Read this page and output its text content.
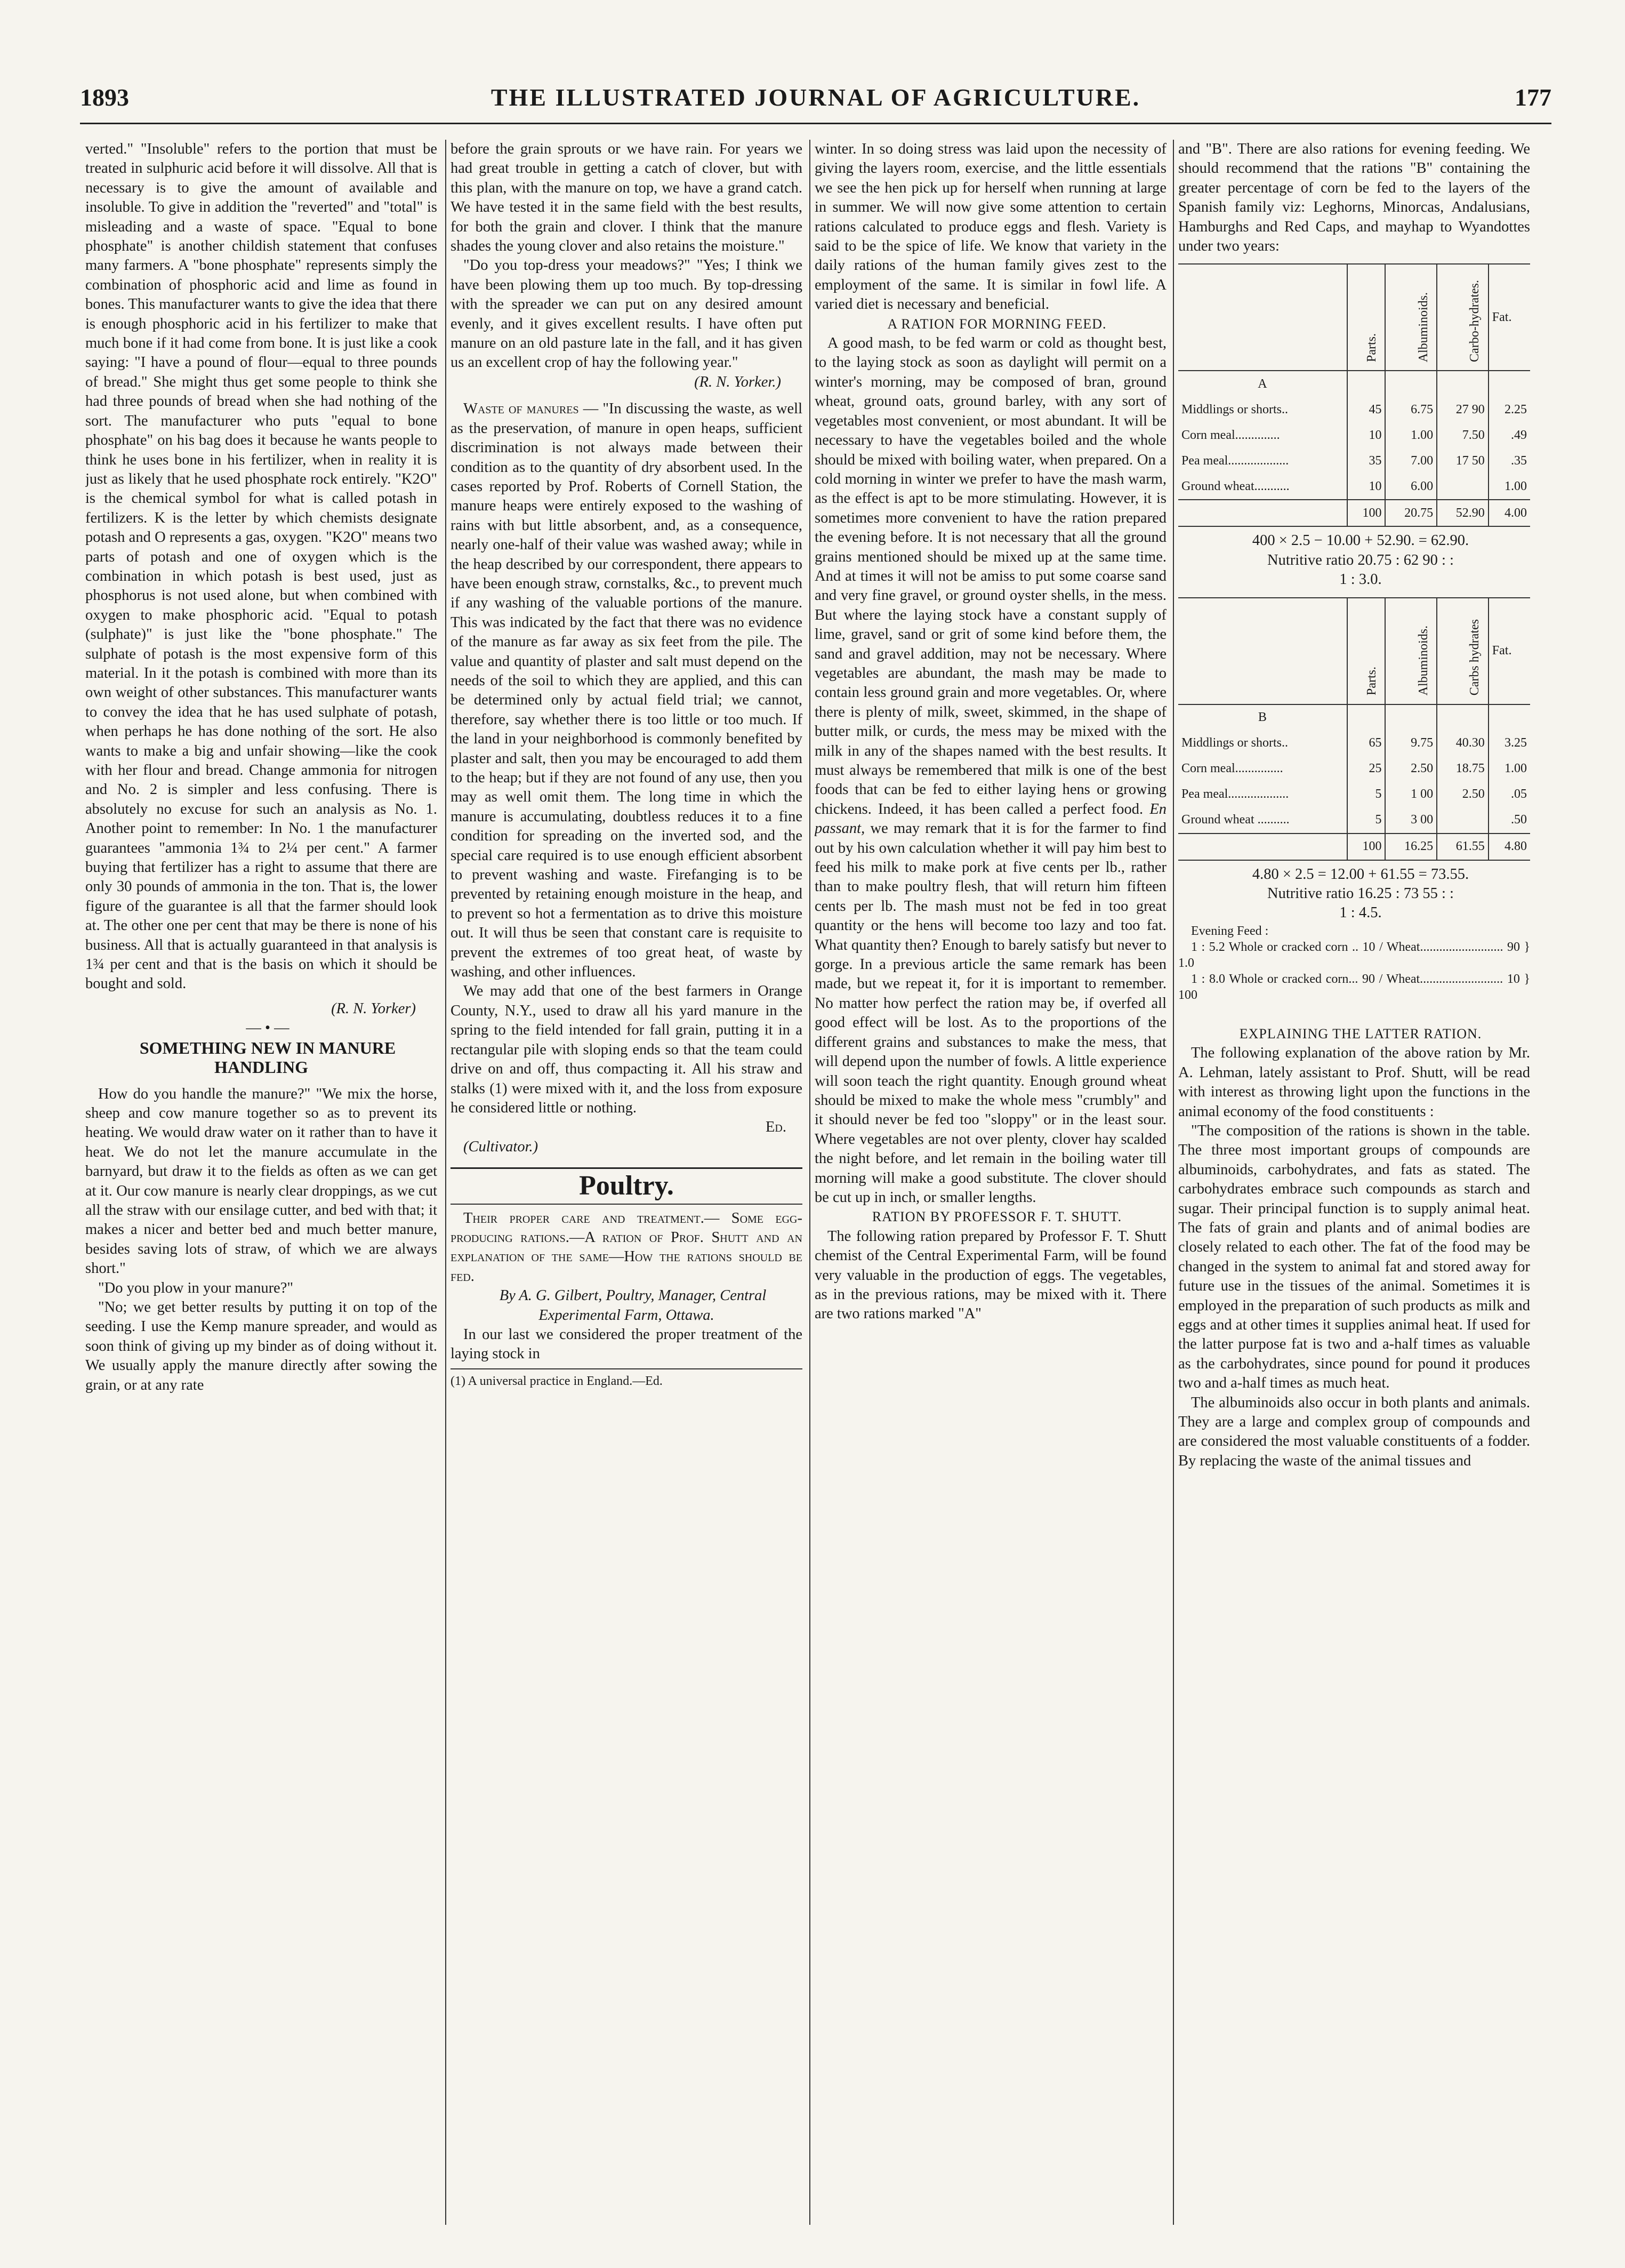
1893	THE ILLUSTRATED JOURNAL OF AGRICULTURE.	177

verted." "Insoluble" refers to the portion that must be treated in sulphuric acid before it will dissolve. All that is necessary is to give the amount of available and insoluble. To give in addition the "reverted" and "total" is misleading and a waste of space. "Equal to bone phosphate" is another childish statement that confuses many farmers. A "bone phosphate" represents simply the combination of phosphoric acid and lime as found in bones. This manufacturer wants to give the idea that there is enough phosphoric acid in his fertilizer to make that much bone if it had come from bone. It is just like a cook saying: "I have a pound of flour—equal to three pounds of bread." She might thus get some people to think she had three pounds of bread when she had nothing of the sort. The manufacturer who puts "equal to bone phosphate" on his bag does it because he wants people to think he uses bone in his fertilizer, when in reality it is just as likely that he used phosphate rock entirely. "K2O" is the chemical symbol for what is called potash in fertilizers. K is the letter by which chemists designate potash and O represents a gas, oxygen. "K2O" means two parts of potash and one of oxygen which is the combination in which potash is best used, just as phosphorus is not used alone, but when combined with oxygen to make phosphoric acid. "Equal to potash (sulphate)" is just like the "bone phosphate." The sulphate of potash is the most expensive form of this material. In it the potash is combined with more than its own weight of other substances. This manufacturer wants to convey the idea that he has used sulphate of potash, when perhaps he has done nothing of the sort. He also wants to make a big and unfair showing—like the cook with her flour and bread. Change ammonia for nitrogen and No. 2 is simpler and less confusing. There is absolutely no excuse for such an analysis as No. 1. Another point to remember: In No. 1 the manufacturer guarantees "ammonia 1¾ to 2¼ per cent." A farmer buying that fertilizer has a right to assume that there are only 30 pounds of ammonia in the ton. That is, the lower figure of the guarantee is all that the farmer should look at. The other one per cent that may be there is none of his business. All that is actually guaranteed in that analysis is 1¾ per cent and that is the basis on which it should be bought and sold.

(R. N. Yorker)

— • —

SOMETHING NEW IN MANURE HANDLING

How do you handle the manure?" "We mix the horse, sheep and cow manure together so as to prevent its heating. We would draw water on it rather than to have it heat. We do not let the manure accumulate in the barnyard, but draw it to the fields as often as we can get at it. Our cow manure is nearly clear droppings, as we cut all the straw with our ensilage cutter, and bed with that; it makes a nicer and better bed and much better manure, besides saving lots of straw, of which we are always short."

"Do you plow in your manure?"

"No; we get better results by putting it on top of the seeding. I use the Kemp manure spreader, and would as soon think of giving up my binder as of doing without it. We usually apply the manure directly after sowing the grain, or at any rate

before the grain sprouts or we have rain. For years we had great trouble in getting a catch of clover, but with this plan, with the manure on top, we have a grand catch. We have tested it in the same field with the best results, for both the grain and clover. I think that the manure shades the young clover and also retains the moisture."

"Do you top-dress your meadows?" "Yes; I think we have been plowing them up too much. By top-dressing with the spreader we can put on any desired amount evenly, and it gives excellent results. I have often put manure on an old pasture late in the fall, and it has given us an excellent crop of hay the following year."

(R. N. Yorker.)

Waste of manures — "In discussing the waste, as well as the preservation, of manure in open heaps, sufficient discrimination is not always made between their condition as to the quantity of dry absorbent used. In the cases reported by Prof. Roberts of Cornell Station, the manure heaps were entirely exposed to the washing of rains with but little absorbent, and, as a consequence, nearly one-half of their value was washed away; while in the heap described by our correspondent, there appears to have been enough straw, cornstalks, &c., to prevent much if any washing of the valuable portions of the manure. This was indicated by the fact that there was no evidence of the manure as far away as six feet from the pile. The value and quantity of plaster and salt must depend on the needs of the soil to which they are applied, and this can be determined only by actual field trial; we cannot, therefore, say whether there is too little or too much. If the land in your neighborhood is commonly benefited by plaster and salt, then you may be encouraged to add them to the heap; but if they are not found of any use, then you may as well omit them. The long time in which the manure is accumulating, doubtless reduces it to a fine condition for spreading on the inverted sod, and the special care required is to use enough efficient absorbent to prevent washing and waste. Firefanging is to be prevented by retaining enough moisture in the heap, and to prevent so hot a fermentation as to drive this moisture out. It will thus be seen that constant care is requisite to prevent the extremes of too great heat, of waste by washing, and other influences.

We may add that one of the best farmers in Orange County, N.Y., used to draw all his yard manure in the spring to the field intended for fall grain, putting it in a rectangular pile with sloping ends so that the team could drive on and off, thus compacting it. All his straw and stalks (1) were mixed with it, and the loss from exposure he considered little or nothing.

Ed.

(Cultivator.)

Poultry.

Their proper care and treatment.— Some egg-producing rations.—A ration of Prof. Shutt and an explanation of the same—How the rations should be fed.

By A. G. Gilbert, Poultry, Manager, Central Experimental Farm, Ottawa.

In our last we considered the proper treatment of the laying stock in

(1) A universal practice in England.—Ed.

winter. In so doing stress was laid upon the necessity of giving the layers room, exercise, and the little essentials we see the hen pick up for herself when running at large in summer. We will now give some attention to certain rations calculated to produce eggs and flesh. Variety is said to be the spice of life. We know that variety in the daily rations of the human family gives zest to the employment of the same. It is similar in fowl life. A varied diet is necessary and beneficial.

A RATION FOR MORNING FEED.

A good mash, to be fed warm or cold as thought best, to the laying stock as soon as daylight will permit on a winter's morning, may be composed of bran, ground wheat, ground oats, ground barley, with any sort of vegetables most convenient, or most abundant. It will be necessary to have the vegetables boiled and the whole should be mixed with boiling water, when prepared. On a cold morning in winter we prefer to have the mash warm, as the effect is apt to be more stimulating. However, it is sometimes more convenient to have the ration prepared the evening before. It is not necessary that all the ground grains mentioned should be mixed up at the same time. And at times it will not be amiss to put some coarse sand and very fine gravel, or ground oyster shells, in the mess. But where the laying stock have a constant supply of lime, gravel, sand or grit of some kind before them, the sand and gravel addition, may not be necessary. Where vegetables are abundant, the mash may be made to contain less ground grain and more vegetables. Or, where there is plenty of milk, sweet, skimmed, in the shape of butter milk, or curds, the mess may be mixed with the milk in any of the shapes named with the best results. It must always be remembered that milk is one of the best foods that can be fed to either laying hens or growing chickens. Indeed, it has been called a perfect food. En passant, we may remark that it is for the farmer to find out by his own calculation whether it will pay him best to feed his milk to make pork at five cents per lb., rather than to make poultry flesh, that will return him fifteen cents per lb. The mash must not be fed in too great quantity or the hens will become too lazy and too fat. What quantity then? Enough to barely satisfy but never to gorge. In a previous article the same remark has been made, but we repeat it, for it is important to remember. No matter how perfect the ration may be, if overfed all good effect will be lost. As to the proportions of the different grains and substances to make the mess, that will depend upon the number of fowls. A little experience will soon teach the right quantity. Enough ground wheat should be mixed to make the whole mess "crumbly" and it should never be fed too "sloppy" or in the least sour. Where vegetables are not over plenty, clover hay scalded the night before, and let remain in the boiling water till morning will make a good substitute. The clover should be cut up in inch, or smaller lengths.

RATION BY PROFESSOR F. T. SHUTT.

The following ration prepared by Professor F. T. Shutt chemist of the Central Experimental Farm, will be found very valuable in the production of eggs. The vegetables, as in the previous rations, may be mixed with it. There are two rations marked "A"

and "B". There are also rations for evening feeding. We should recommend that the rations "B" containing the greater percentage of corn be fed to the layers of the Spanish family viz: Leghorns, Minorcas, Andalusians, Hamburghs and Red Caps, and mayhap to Wyandottes under two years:

	Parts.	Albuminoids.	Carbo-hydrates.	Fat.
A				
Middlings or shorts..	45	6.75	27 90	2.25
Corn meal..............	10	1.00	7.50	.49
Pea meal...................	35	7.00	17 50	.35
Ground wheat...........	10	6.00		1.00
	100	20.75	52.90	4.00

400 × 2.5 − 10.00 + 52.90. = 62.90.

Nutritive ratio 20.75 : 62 90 : :

1 : 3.0.

	Parts.	Albuminoids.	Carbs hydrates	Fat.
B				
Middlings or shorts..	65	9.75	40.30	3.25
Corn meal...............	25	2.50	18.75	1.00
Pea meal...................	5	1 00	2.50	.05
Ground wheat ..........	5	3 00		.50
	100	16.25	61.55	4.80

4.80 × 2.5 = 12.00 + 61.55 = 73.55.

Nutritive ratio 16.25 : 73 55 : :

1 : 4.5.

Evening Feed :

1 : 5.2 Whole or cracked corn .. 10 / Wheat.......................... 90 } 1.0

1 : 8.0 Whole or cracked corn... 90 / Wheat.......................... 10 } 100

EXPLAINING THE LATTER RATION.

The following explanation of the above ration by Mr. A. Lehman, lately assistant to Prof. Shutt, will be read with interest as throwing light upon the functions in the animal economy of the food constituents :

"The composition of the rations is shown in the table. The three most important groups of compounds are albuminoids, carbohydrates, and fats as stated. The carbohydrates embrace such compounds as starch and sugar. Their principal function is to supply animal heat. The fats of grain and plants and of animal bodies are closely related to each other. The fat of the food may be changed in the system to animal fat and stored away for future use in the tissues of the animal. Sometimes it is employed in the preparation of such products as milk and eggs and at other times it supplies animal heat. If used for the latter purpose fat is two and a-half times as valuable as the carbohydrates, since pound for pound it produces two and a-half times as much heat.

The albuminoids also occur in both plants and animals. They are a large and complex group of compounds and are considered the most valuable constituents of a fodder. By replacing the waste of the animal tissues and
